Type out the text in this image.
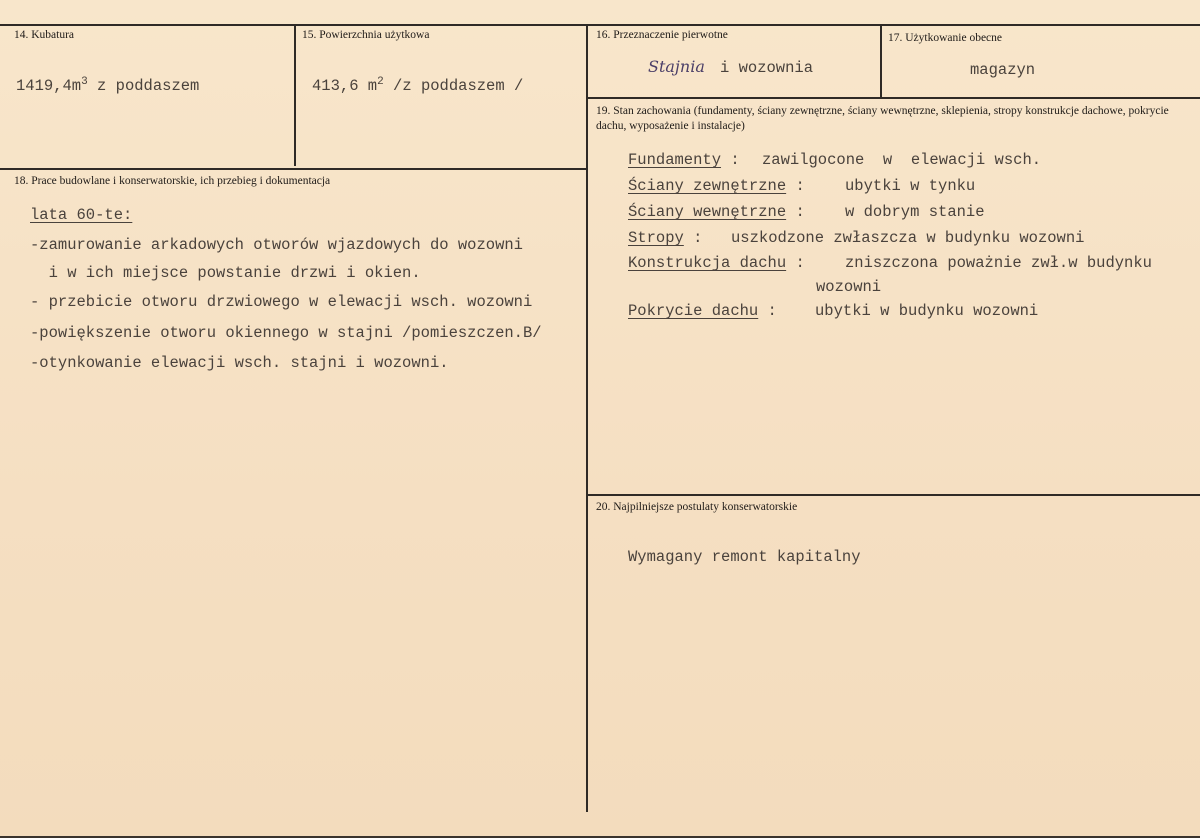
14. Kubatura
$1419,4m^3$ z poddaszem
15. Powierzchnia użytkowa
413,6 $m^2$ /z poddaszem /
16. Przeznaczenie pierwotne
Stajnia i wozownia
17. Użytkowanie obecne
magazyn
18. Prace budowlane i konserwatorskie, ich przebieg i dokumentacja
lata 60-te:
-zamurowanie arkadowych otworów wjazdowych do wozowni
i w ich miejsce powstanie drzwi i okien.
- przebicie otworu drzwiowego w elewacji wsch. wozowni
-powiększenie otworu okiennego w stajni /pomieszczen.B/
-otynkowanie elewacji wsch. stajni i wozowni.
19. Stan zachowania (fundamenty, ściany zewnętrzne, ściany wewnętrzne, sklepienia, stropy konstrukcje dachowe, pokrycie dachu, wyposażenie i instalacje)
Fundamenty : zawilgocone  w  elewacji wsch.
Ściany zewnętrzne :	ubytki w tynku
Ściany wewnętrzne :	w dobrym stanie
Stropy : uszkodzone zwłaszcza w budynku wozowni
Konstrukcja dachu :	zniszczona poważnie zwł.w budynku
wozowni
Pokrycie dachu : ubytki w budynku wozowni
20. Najpilniejsze postulaty konserwatorskie
Wymagany remont kapitalny
